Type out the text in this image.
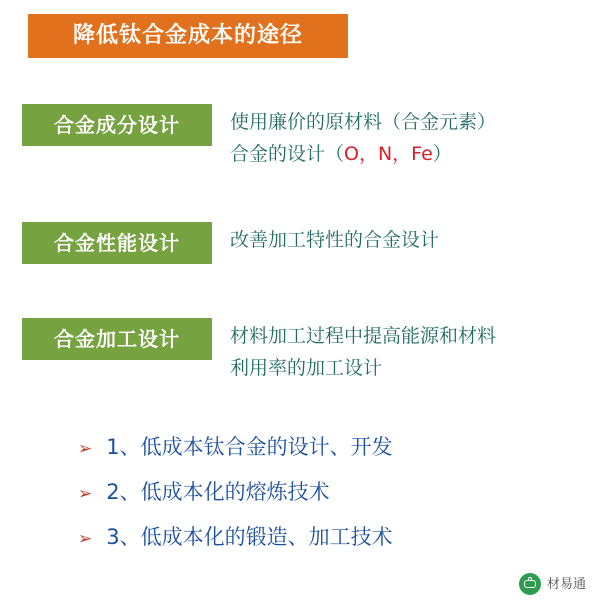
降低钛合金成本的途径
合金成分设计	使用廉价的原材料（合金元素）
合金的设计（O，N，Fe）
合金性能设计	改善加工特性的合金设计
合金加工设计	材料加工过程中提高能源和材料
利用率的加工设计
➢ 1、低成本钛合金的设计、开发
➢ 2、低成本化的熔炼技术
➢ 3、低成本化的锻造、加工技术
材易通
